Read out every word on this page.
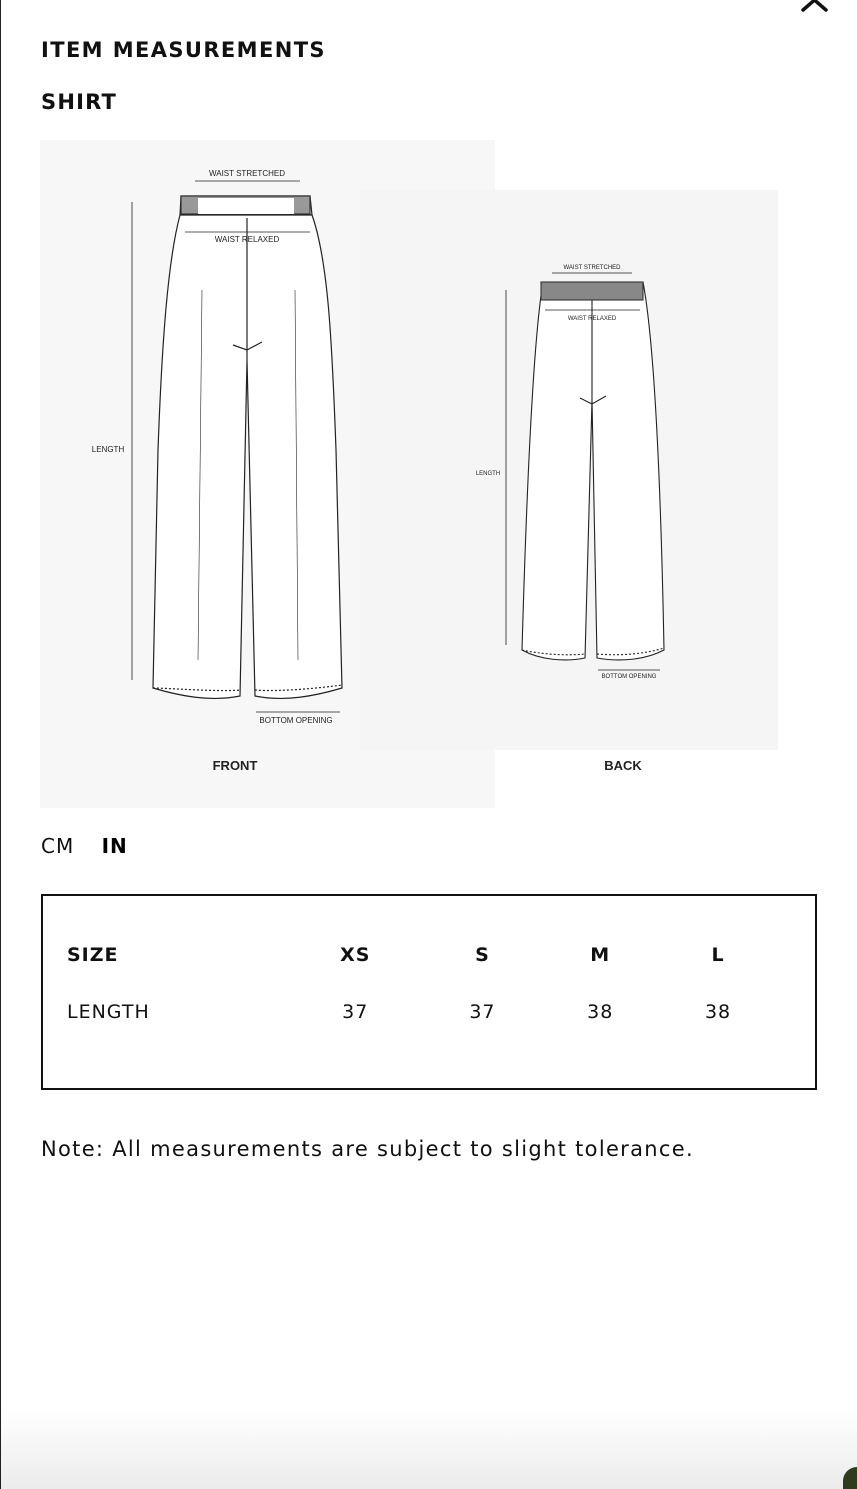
ITEM MEASUREMENTS
SHIRT
WAIST STRETCHED
WAIST RELAXED
LENGTH
BOTTOM OPENING
FRONT
WAIST STRETCHED
WAIST RELAXED
LENGTH
BOTTOM OPENING
BACK
CM IN
SIZE	XS	S	M	L
LENGTH	37	37	38	38
Note: All measurements are subject to slight tolerance.
